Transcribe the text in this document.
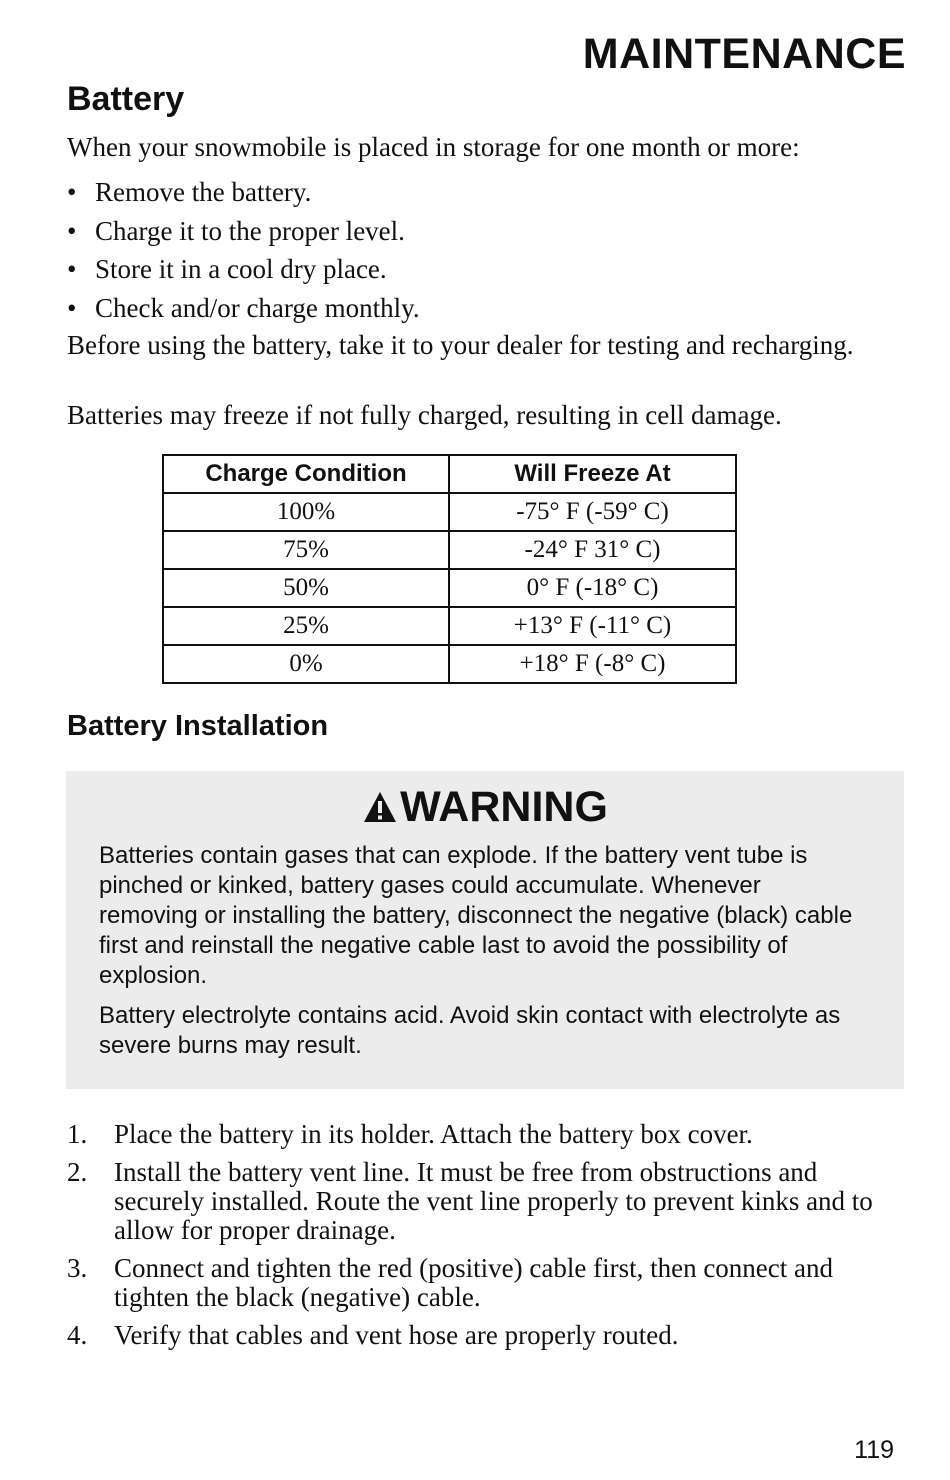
MAINTENANCE
Battery
When your snowmobile is placed in storage for one month or more:
• Remove the battery.
• Charge it to the proper level.
• Store it in a cool dry place.
• Check and/or charge monthly.
Before using the battery, take it to your dealer for testing and recharging.
Batteries may freeze if not fully charged, resulting in cell damage.
Charge Condition	Will Freeze At
100%	-75° F (-59° C)
75%	-24° F 31° C)
50%	0° F (-18° C)
25%	+13° F (-11° C)
0%	+18° F (-8° C)
Battery Installation
WARNING
Batteries contain gases that can explode. If the battery vent tube is pinched or kinked, battery gases could accumulate. Whenever removing or installing the battery, disconnect the negative (black) cable first and reinstall the negative cable last to avoid the possibility of explosion.
Battery electrolyte contains acid. Avoid skin contact with electrolyte as severe burns may result.
1. Place the battery in its holder. Attach the battery box cover.
2. Install the battery vent line. It must be free from obstructions and securely installed. Route the vent line properly to prevent kinks and to allow for proper drainage.
3. Connect and tighten the red (positive) cable first, then connect and tighten the black (negative) cable.
4. Verify that cables and vent hose are properly routed.
119
